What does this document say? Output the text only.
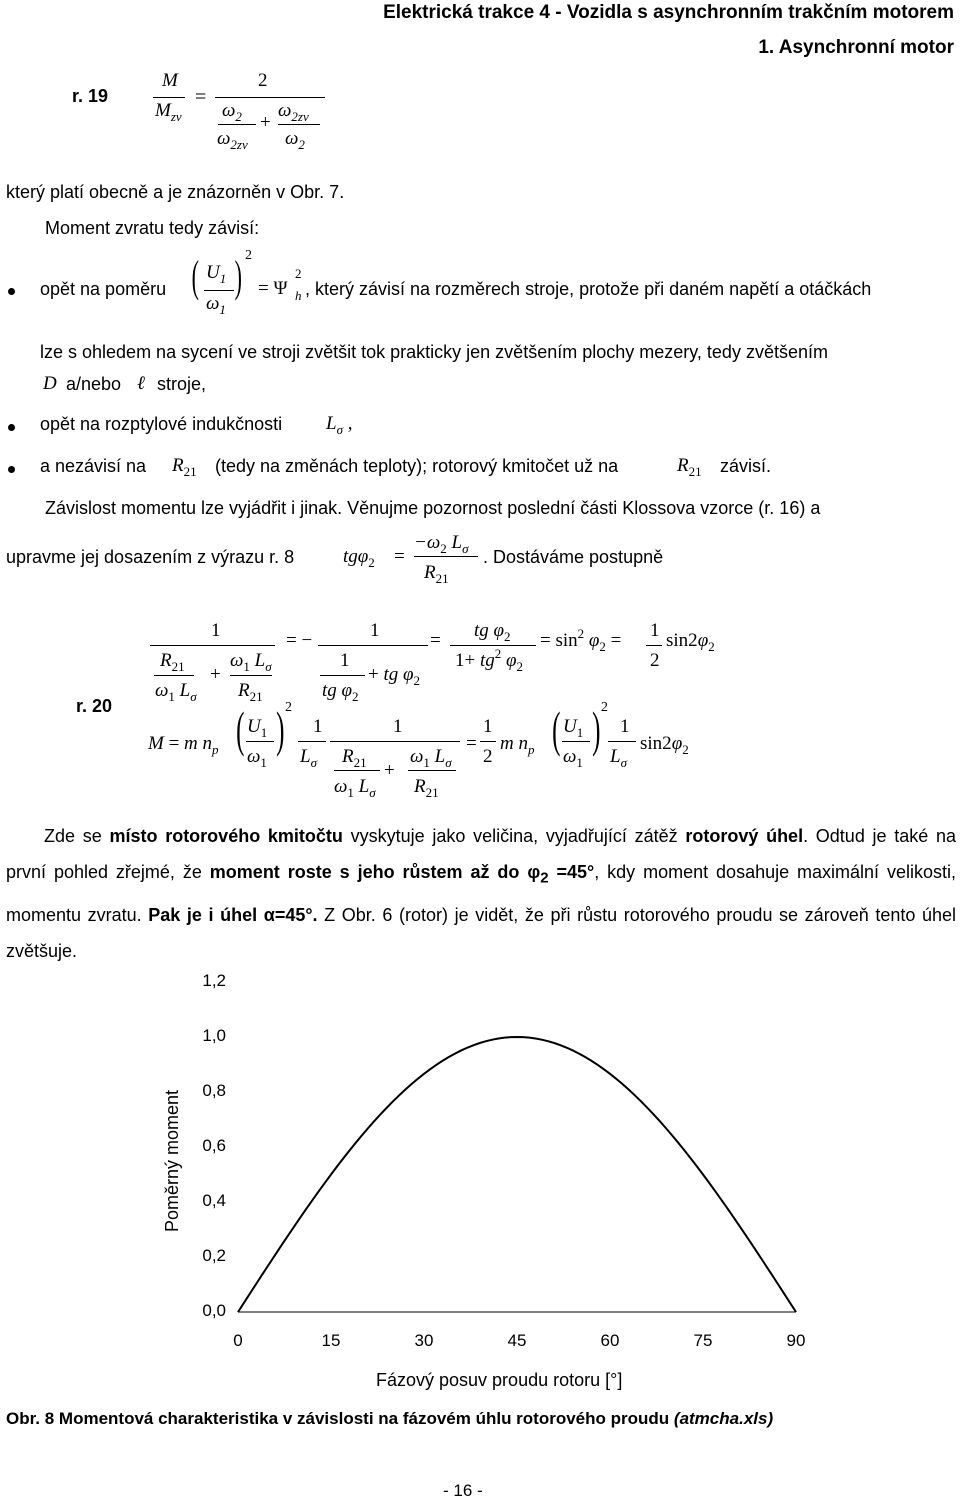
Elektrická trakce 4 - Vozidla s asynchronním trakčním motorem
1. Asynchronní motor
r. 19
M
$M_{zv}$
=
2
$\omega_2$
$\omega_{2zv}$
+
$\omega_{2zv}$
$\omega_2$
který platí obecně a je znázorněn v Obr. 7.
Moment zvratu tedy závisí:
opět na poměru ( $U_1$
$\omega_1$
) 2
= Ψ
2
h , který závisí na rozměrech stroje, protože při daném napětí a otáčkách
lze s ohledem na sycení ve stroji zvětšit tok prakticky jen zvětšením plochy mezery, tedy zvětšením
D a/nebo ℓ stroje,
opět na rozptylové indukčnosti $L_\sigma$ ,
a nezávisí na $R_{21}$ (tedy na změnách teploty); rotorový kmitočet už na	$R_{21}$ závisí.
Závislost momentu lze vyjádřit i jinak. Věnujme pozornost poslední části Klossova vzorce (r. 16) a
upravme jej dosazením z výrazu r. 8	tgφ$_2$ =
$-\omega_2$ $L_\sigma$
$R_{21}$
. Dostáváme postupně
r. 20
1
$R_{21}$
$\omega_1$ $L_\sigma$
+
$\omega_1$ $L_\sigma$
$R_{21}$
= −	1
1
tg $\varphi_2$
+ tg $\varphi_2$
= tg $\varphi_2$
$1+ tg^2$ $\varphi_2$
= $\sin^2 \varphi_2 = 1$
2
$\sin 2\varphi_2$
M = m $n_p$ ( $U_1$
$\omega_1$
) 2
1
$L_\sigma$
1
$R_{21}$
$\omega_1$ $L_\sigma$
+
$\omega_1$ $L_\sigma$
$R_{21}$
=
1
2
m $n_p$ ( $U_1$
$\omega_1$
) 2
1
$L_\sigma$
$\sin 2\varphi_2$
Zde se místo rotorového kmitočtu vyskytuje jako veličina, vyjadřující zátěž rotorový úhel. Odtud je také na první pohled zřejmé, že moment roste s jeho růstem až do $\varphi_2 =45^\circ$, kdy moment dosahuje maximální velikosti, momentu zvratu. Pak je i úhel α=45°. Z Obr. 6 (rotor) je vidět, že při růstu rotorového proudu se zároveň tento úhel zvětšuje.
Poměrný moment
0,0
0,2
0,4
0,6
0,8
1,0
1,2
0	15	30	45	60	75	90
Fázový posuv proudu rotoru [°]
Obr. 8 Momentová charakteristika v závislosti na fázovém úhlu rotorového proudu (atmcha.xls)
- 16 -
